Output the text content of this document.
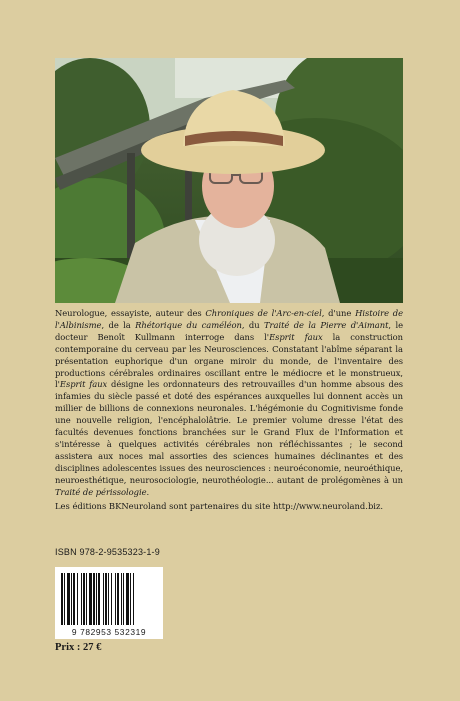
Neurologue, essayiste, auteur des Chroniques de l'Arc-en-ciel, d'une Histoire de l'Albinisme, de la Rhétorique du caméléon, du Traité de la Pierre d'Aimant, le docteur Benoît Kullmann interroge dans l'Esprit faux la construction contemporaine du cerveau par les Neurosciences. Constatant l'abîme séparant la présentation euphorique d'un organe miroir du monde, de l'inventaire des productions cérébrales ordinaires oscillant entre le médiocre et le monstrueux, l'Esprit faux désigne les ordonnateurs des retrouvailles d'un homme absous des infamies du siècle passé et doté des espérances auxquelles lui donnent accès un millier de billions de connexions neuronales. L'hégémonie du Cognitivisme fonde une nouvelle religion, l'encéphalolâtrie. Le premier volume dresse l'état des facultés devenues fonctions branchées sur le Grand Flux de l'Information et s'intéresse à quelques activités cérébrales non réfléchissantes ; le second assistera aux noces mal assorties des sciences humaines déclinantes et des disciplines adolescentes issues des neurosciences : neuroéconomie, neuroéthique, neuroesthétique, neurosociologie, neurothéologie... autant de prolégomènes à un Traité de périssologie.
Les éditions BKNeuroland sont partenaires du site http://www.neuroland.biz.
ISBN 978-2-9535323-1-9
9 782953 532319
Prix : 27 €
